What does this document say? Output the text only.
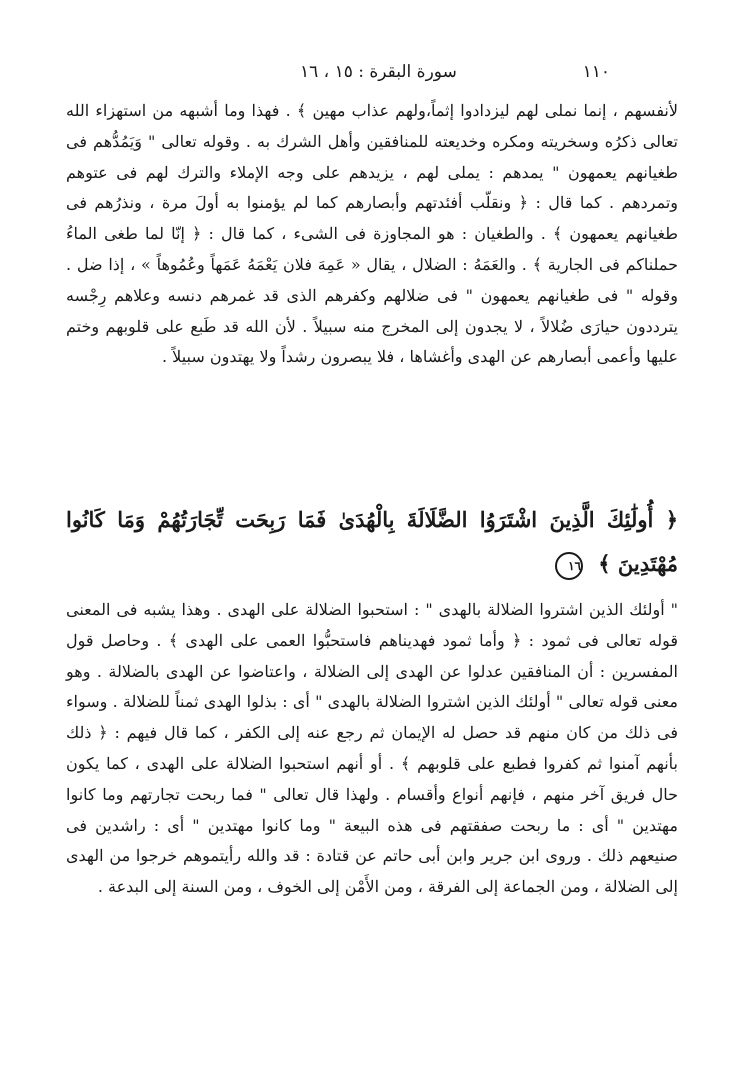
١١٠
سورة البقرة : ١٥ ، ١٦

لأنفسهم ، إنما نملى لهم ليزدادوا إثماً،ولهم عذاب مهين ﴾ . فهذا وما أشبهه من استهزاء الله تعالى ذكرُه وسخريته ومكره وخديعته للمنافقين وأهل الشرك به . وقوله تعالى " وَيَمُدُّهم فى طغيانهم يعمهون " يمدهم : يملى لهم ، يزيدهم على وجه الإملاء والترك لهم فى عتوهم وتمردهم . كما قال : ﴿ ونقلّب أفئدتهم وأبصارهم كما لم يؤمنوا به أولَ مرة ، ونذرُهم فى طغيانهم يعمهون ﴾ . والطغيان : هو المجاوزة فى الشىء ، كما قال : ﴿ إنّا لما طغى الماءُ حملناكم فى الجارية ﴾ . والعَمَهُ : الضلال ، يقال « عَمِهَ فلان يَعْمَهُ عَمَهاً وعُمُوهاً » ، إذا ضل . وقوله " فى طغيانهم يعمهون " فى ضلالهم وكفرهم الذى قد غمرهم دنسه وعلاهم رِجْسه يترددون حيارَى ضُلالاً ، لا يجدون إلى المخرج منه سبيلاً . لأن الله قد طَبع على قلوبهم وختم عليها وأعمى أبصارهم عن الهدى وأغشاها ، فلا يبصرون رشداً ولا يهتدون سبيلاً .

﴿ أُولَٰئِكَ الَّذِينَ اشْتَرَوُا الضَّلَالَةَ بِالْهُدَىٰ فَمَا رَبِحَت تِّجَارَتُهُمْ وَمَا كَانُوا مُهْتَدِينَ ﴾ ١٦

" أولئك الذين اشتروا الضلالة بالهدى " : استحبوا الضلالة على الهدى . وهذا يشبه فى المعنى قوله تعالى فى ثمود : ﴿ وأما ثمود فهديناهم فاستحبُّوا العمى على الهدى ﴾ . وحاصل قول المفسرين : أن المنافقين عدلوا عن الهدى إلى الضلالة ، واعتاضوا عن الهدى بالضلالة . وهو معنى قوله تعالى " أولئك الذين اشتروا الضلالة بالهدى " أى : بذلوا الهدى ثمناً للضلالة . وسواء فى ذلك من كان منهم قد حصل له الإيمان ثم رجع عنه إلى الكفر ، كما قال فيهم : ﴿ ذلك بأنهم آمنوا ثم كفروا فطبع على قلوبهم ﴾ . أو أنهم استحبوا الضلالة على الهدى ، كما يكون حال فريق آخر منهم ، فإنهم أنواع وأقسام . ولهذا قال تعالى " فما ربحت تجارتهم وما كانوا مهتدين " أى : ما ربحت صفقتهم فى هذه البيعة " وما كانوا مهتدين " أى : راشدين فى صنيعهم ذلك . وروى ابن جرير وابن أبى حاتم عن قتادة : قد والله رأيتموهم خرجوا من الهدى إلى الضلالة ، ومن الجماعة إلى الفرقة ، ومن الأَمْن إلى الخوف ، ومن السنة إلى البدعة .
